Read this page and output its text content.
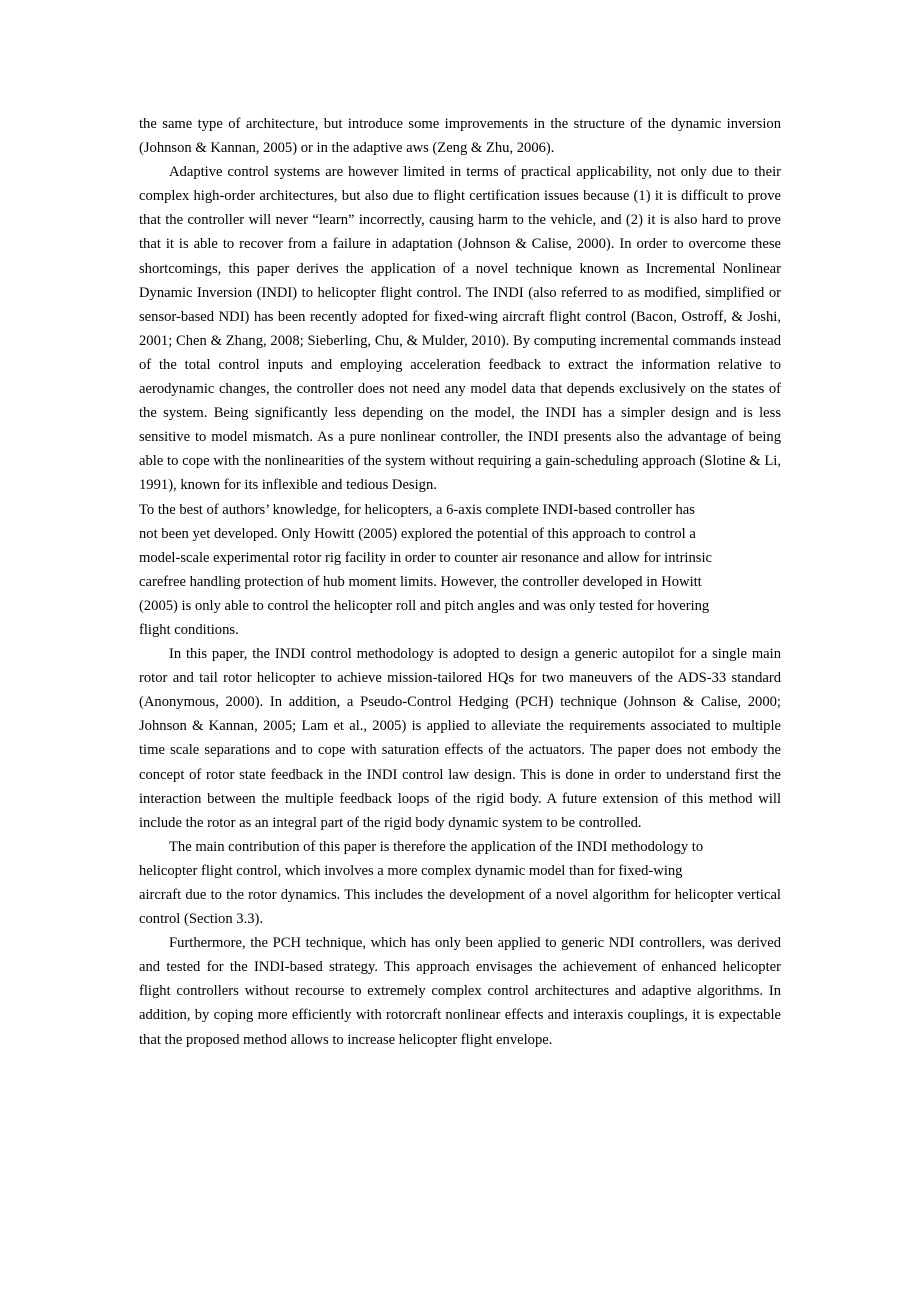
the same type of architecture, but introduce some improvements in the structure of the dynamic inversion (Johnson & Kannan, 2005) or in the adaptive aws (Zeng & Zhu, 2006).

Adaptive control systems are however limited in terms of practical applicability, not only due to their complex high-order architectures, but also due to flight certification issues because (1) it is difficult to prove that the controller will never “learn” incorrectly, causing harm to the vehicle, and (2) it is also hard to prove that it is able to recover from a failure in adaptation (Johnson & Calise, 2000). In order to overcome these shortcomings, this paper derives the application of a novel technique known as Incremental Nonlinear Dynamic Inversion (INDI) to helicopter flight control. The INDI (also referred to as modified, simplified or sensor-based NDI) has been recently adopted for fixed-wing aircraft flight control (Bacon, Ostroff, & Joshi, 2001; Chen & Zhang, 2008; Sieberling, Chu, & Mulder, 2010). By computing incremental commands instead of the total control inputs and employing acceleration feedback to extract the information relative to aerodynamic changes, the controller does not need any model data that depends exclusively on the states of the system. Being significantly less depending on the model, the INDI has a simpler design and is less sensitive to model mismatch. As a pure nonlinear controller, the INDI presents also the advantage of being able to cope with the nonlinearities of the system without requiring a gain-scheduling approach (Slotine & Li, 1991), known for its inflexible and tedious Design.

To the best of authors’ knowledge, for helicopters, a 6-axis complete INDI-based controller has
not been yet developed. Only Howitt (2005) explored the potential of this approach to control a
model-scale experimental rotor rig facility in order to counter air resonance and allow for intrinsic
carefree handling protection of hub moment limits. However, the controller developed in Howitt
(2005) is only able to control the helicopter roll and pitch angles and was only tested for hovering
flight conditions.

In this paper, the INDI control methodology is adopted to design a generic autopilot for a single main rotor and tail rotor helicopter to achieve mission-tailored HQs for two maneuvers of the ADS-33 standard (Anonymous, 2000). In addition, a Pseudo-Control Hedging (PCH) technique (Johnson & Calise, 2000; Johnson & Kannan, 2005; Lam et al., 2005) is applied to alleviate the requirements associated to multiple time scale separations and to cope with saturation effects of the actuators. The paper does not embody the concept of rotor state feedback in the INDI control law design. This is done in order to understand first the interaction between the multiple feedback loops of the rigid body. A future extension of this method will include the rotor as an integral part of the rigid body dynamic system to be controlled.

The main contribution of this paper is therefore the application of the INDI methodology to
helicopter flight control, which involves a more complex dynamic model than for fixed-wing

aircraft due to the rotor dynamics. This includes the development of a novel algorithm for helicopter vertical control (Section 3.3).

Furthermore, the PCH technique, which has only been applied to generic NDI controllers, was derived and tested for the INDI-based strategy. This approach envisages the achievement of enhanced helicopter flight controllers without recourse to extremely complex control architectures and adaptive algorithms. In addition, by coping more efficiently with rotorcraft nonlinear effects and interaxis couplings, it is expectable that the proposed method allows to increase helicopter flight envelope.
